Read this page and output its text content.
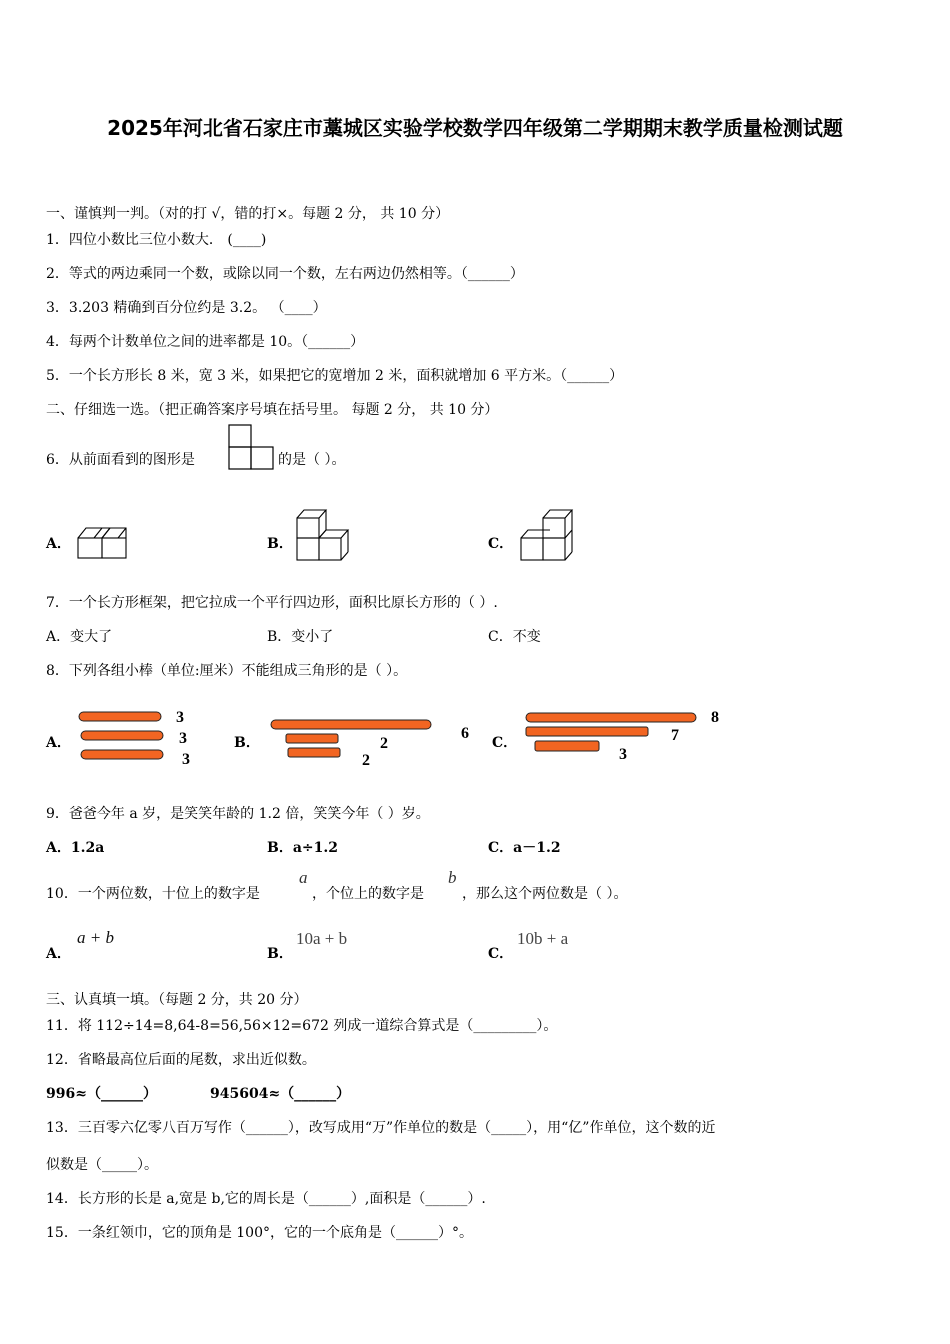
2025年河北省石家庄市藁城区实验学校数学四年级第二学期期末教学质量检测试题
一、谨慎判一判。（对的打 √，错的打×。每题 2 分， 共 10 分）
1．四位小数比三位小数大． (____)
2．等式的两边乘同一个数，或除以同一个数，左右两边仍然相等。（______）
3．3.203 精确到百分位约是 3.2。 （____）
4．每两个计数单位之间的进率都是 10。（______）
5．一个长方形长 8 米，宽 3 米，如果把它的宽增加 2 米，面积就增加 6 平方米。（______）
二、仔细选一选。（把正确答案序号填在括号里。 每题 2 分， 共 10 分）
6．从前面看到的图形是	的是（ ）。
A．	B．	C．
7．一个长方形框架，把它拉成一个平行四边形，面积比原长方形的（ ）.
A．变大了	B．变小了	C．不变
8．下列各组小棒（单位:厘米）不能组成三角形的是（ ）。
A．
3
3
3
B．
6
2
2
C．
8
7
3
9．爸爸今年 a 岁，是笑笑年龄的 1.2 倍，笑笑今年（ ）岁。
A．1.2a	B．a÷1.2	C．a－1.2
10．一个两位数，十位上的数字是
a
，个位上的数字是
b
，那么这个两位数是（ ）。
A．
a + b
B．
10a + b
C．
10b + a
三、认真填一填。（每题 2 分，共 20 分）
11．将 112÷14=8,64-8=56,56×12=672 列成一道综合算式是（_________）。
12．省略最高位后面的尾数，求出近似数。
996≈（______）	945604≈（______）
13．三百零六亿零八百万写作（______），改写成用“万”作单位的数是（_____），用“亿”作单位，这个数的近
似数是（_____）。
14．长方形的长是 a,宽是 b,它的周长是（______）,面积是（______）.
15．一条红领巾，它的顶角是 100°，它的一个底角是（______）°。
